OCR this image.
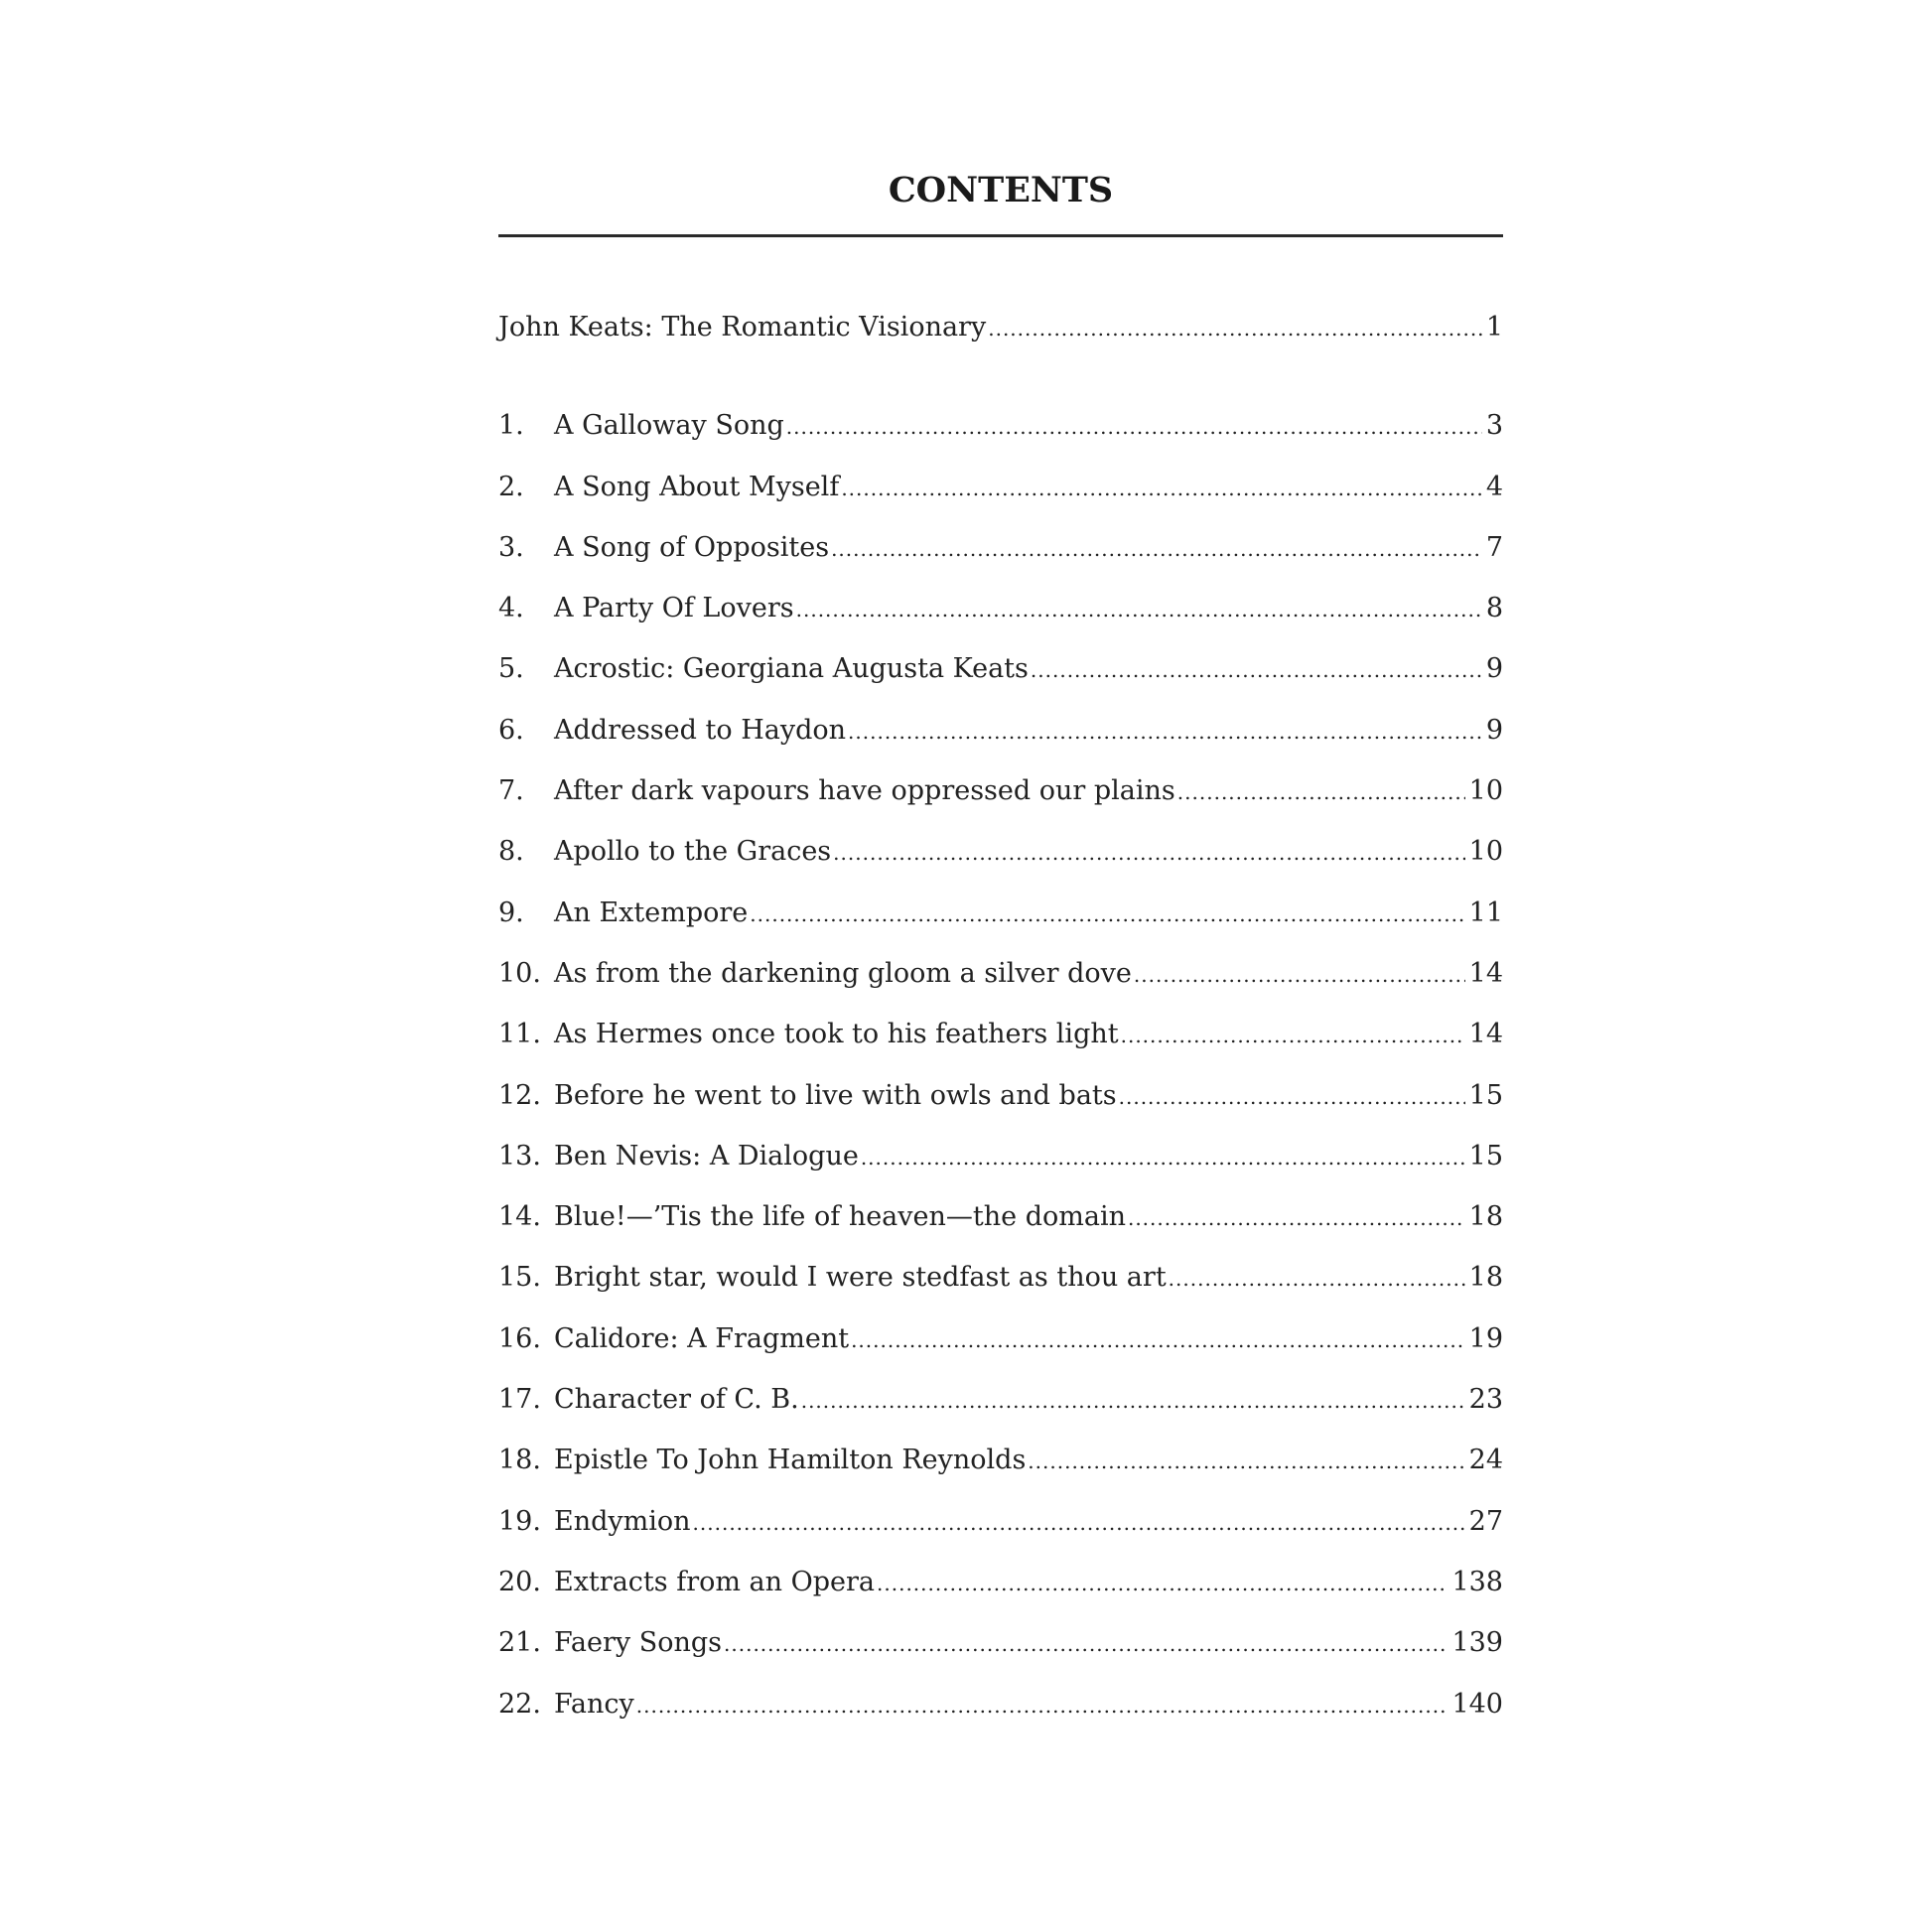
CONTENTS
John Keats: The Romantic Visionary .....	1
1.	A Galloway Song .....	3
2.	A Song About Myself .....	4
3.	A Song of Opposites .....	7
4.	A Party Of Lovers .....	8
5.	Acrostic: Georgiana Augusta Keats .....	9
6.	Addressed to Haydon .....	9
7.	After dark vapours have oppressed our plains .....	10
8.	Apollo to the Graces .....	10
9.	An Extempore .....	11
10. As from the darkening gloom a silver dove .....	14
11. As Hermes once took to his feathers light .....	14
12. Before he went to live with owls and bats .....	15
13. Ben Nevis: A Dialogue .....	15
14. Blue!—’Tis the life of heaven—the domain .....	18
15. Bright star, would I were stedfast as thou art .....	18
16. Calidore: A Fragment .....	19
17. Character of C. B. .....	23
18. Epistle To John Hamilton Reynolds .....	24
19. Endymion .....	27
20. Extracts from an Opera .....	138
21. Faery Songs .....	139
22. Fancy .....	140
